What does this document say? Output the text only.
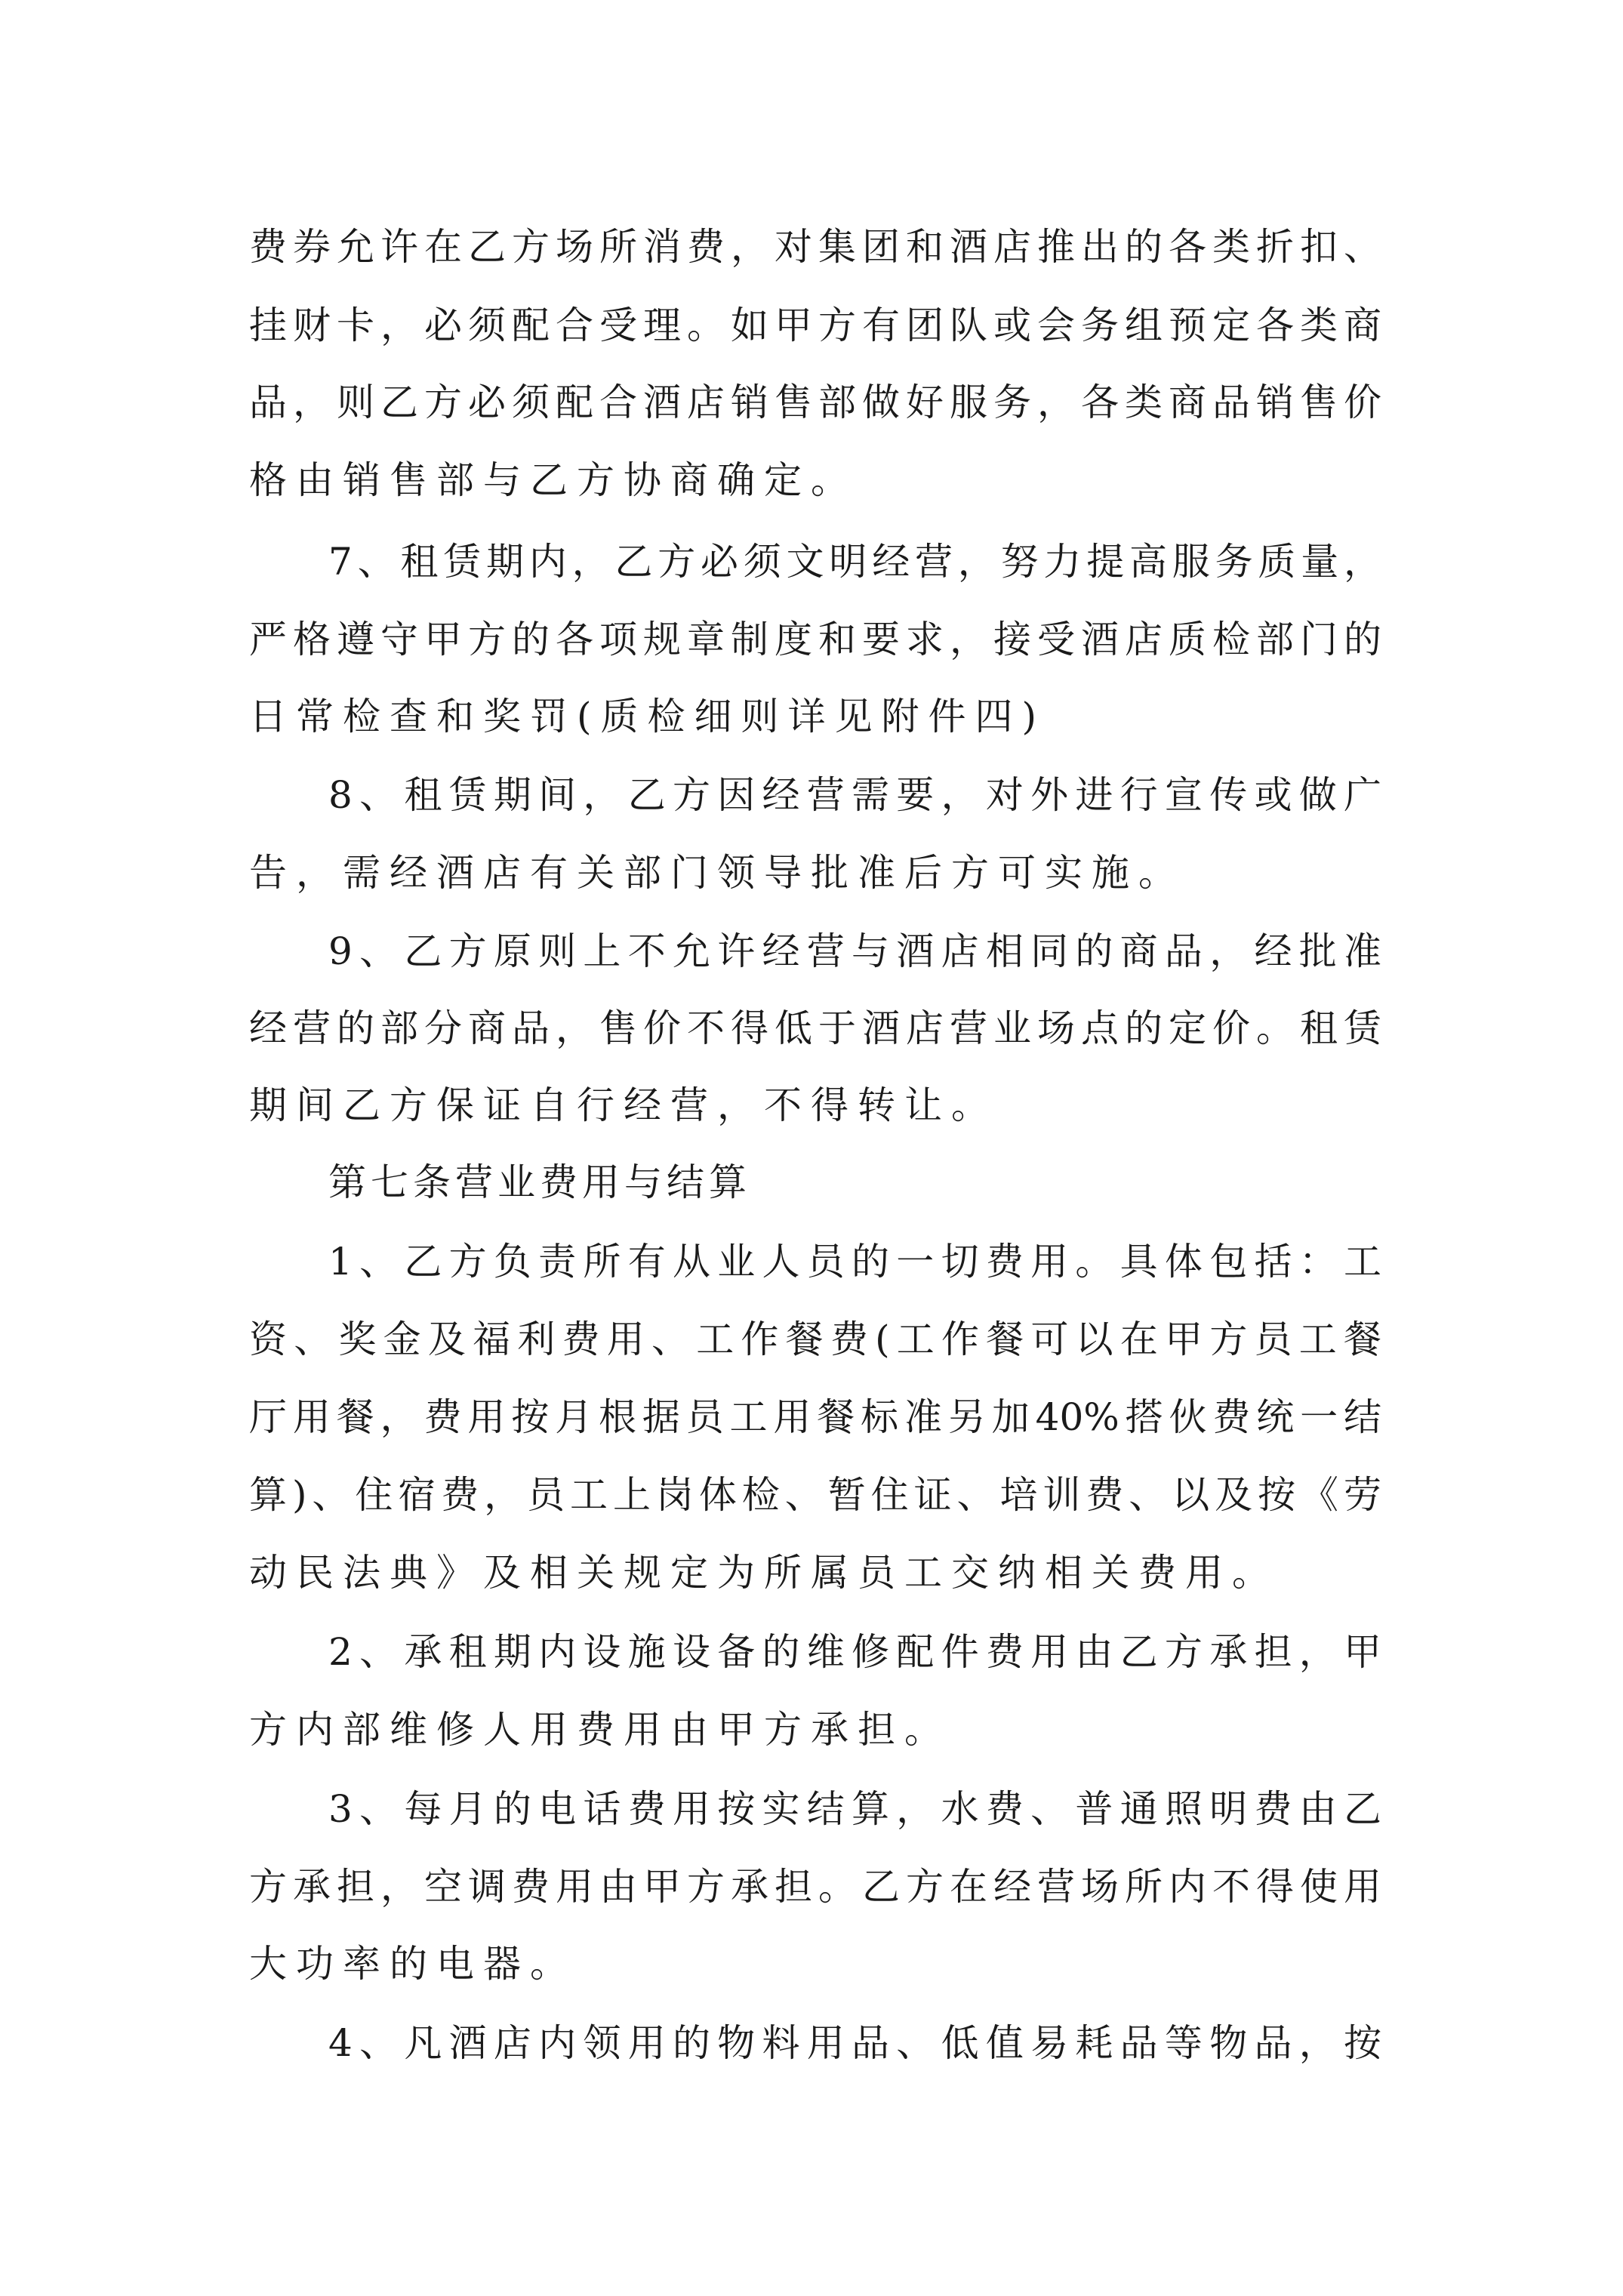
费券允许在乙方场所消费，对集团和酒店推出的各类折扣、
挂财卡，必须配合受理。如甲方有团队或会务组预定各类商
品，则乙方必须配合酒店销售部做好服务，各类商品销售价
格由销售部与乙方协商确定。
7、租赁期内，乙方必须文明经营，努力提高服务质量，
严格遵守甲方的各项规章制度和要求，接受酒店质检部门的
日常检查和奖罚(质检细则详见附件四)
8、租赁期间，乙方因经营需要，对外进行宣传或做广
告，需经酒店有关部门领导批准后方可实施。
9、乙方原则上不允许经营与酒店相同的商品，经批准
经营的部分商品，售价不得低于酒店营业场点的定价。租赁
期间乙方保证自行经营，不得转让。
第七条营业费用与结算
1、乙方负责所有从业人员的一切费用。具体包括：工
资、奖金及福利费用、工作餐费(工作餐可以在甲方员工餐
厅用餐，费用按月根据员工用餐标准另加40%搭伙费统一结
算)、住宿费，员工上岗体检、暂住证、培训费、以及按《劳
动民法典》及相关规定为所属员工交纳相关费用。
2、承租期内设施设备的维修配件费用由乙方承担，甲
方内部维修人用费用由甲方承担。
3、每月的电话费用按实结算，水费、普通照明费由乙
方承担，空调费用由甲方承担。乙方在经营场所内不得使用
大功率的电器。
4、凡酒店内领用的物料用品、低值易耗品等物品，按
